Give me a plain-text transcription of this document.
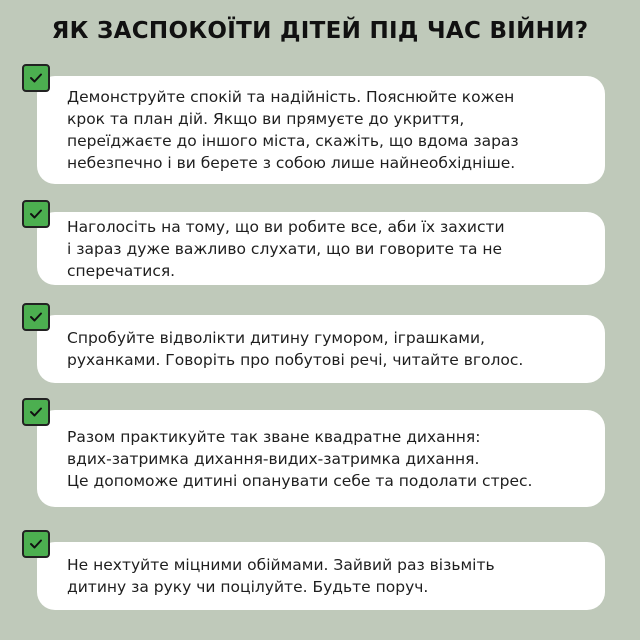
ЯК ЗАСПОКОЇТИ ДІТЕЙ ПІД ЧАС ВІЙНИ?

Демонструйте спокій та надійність. Пояснюйте кожен
крок та план дій. Якщо ви прямуєте до укриття,
переїджаєте до іншого міста, скажіть, що вдома зараз
небезпечно і ви берете з собою лише найнеобхідніше.

Наголосіть на тому, що ви робите все, аби їх захисти
і зараз дуже важливо слухати, що ви говорите та не
сперечатися.

Спробуйте відволікти дитину гумором, іграшками,
руханками. Говоріть про побутові речі, читайте вголос.

Разом практикуйте так зване квадратне дихання:
вдих-затримка дихання-видих-затримка дихання.
Це допоможе дитині опанувати себе та подолати стрес.

Не нехтуйте міцними обіймами. Зайвий раз візьміть
дитину за руку чи поцілуйте. Будьте поруч.
